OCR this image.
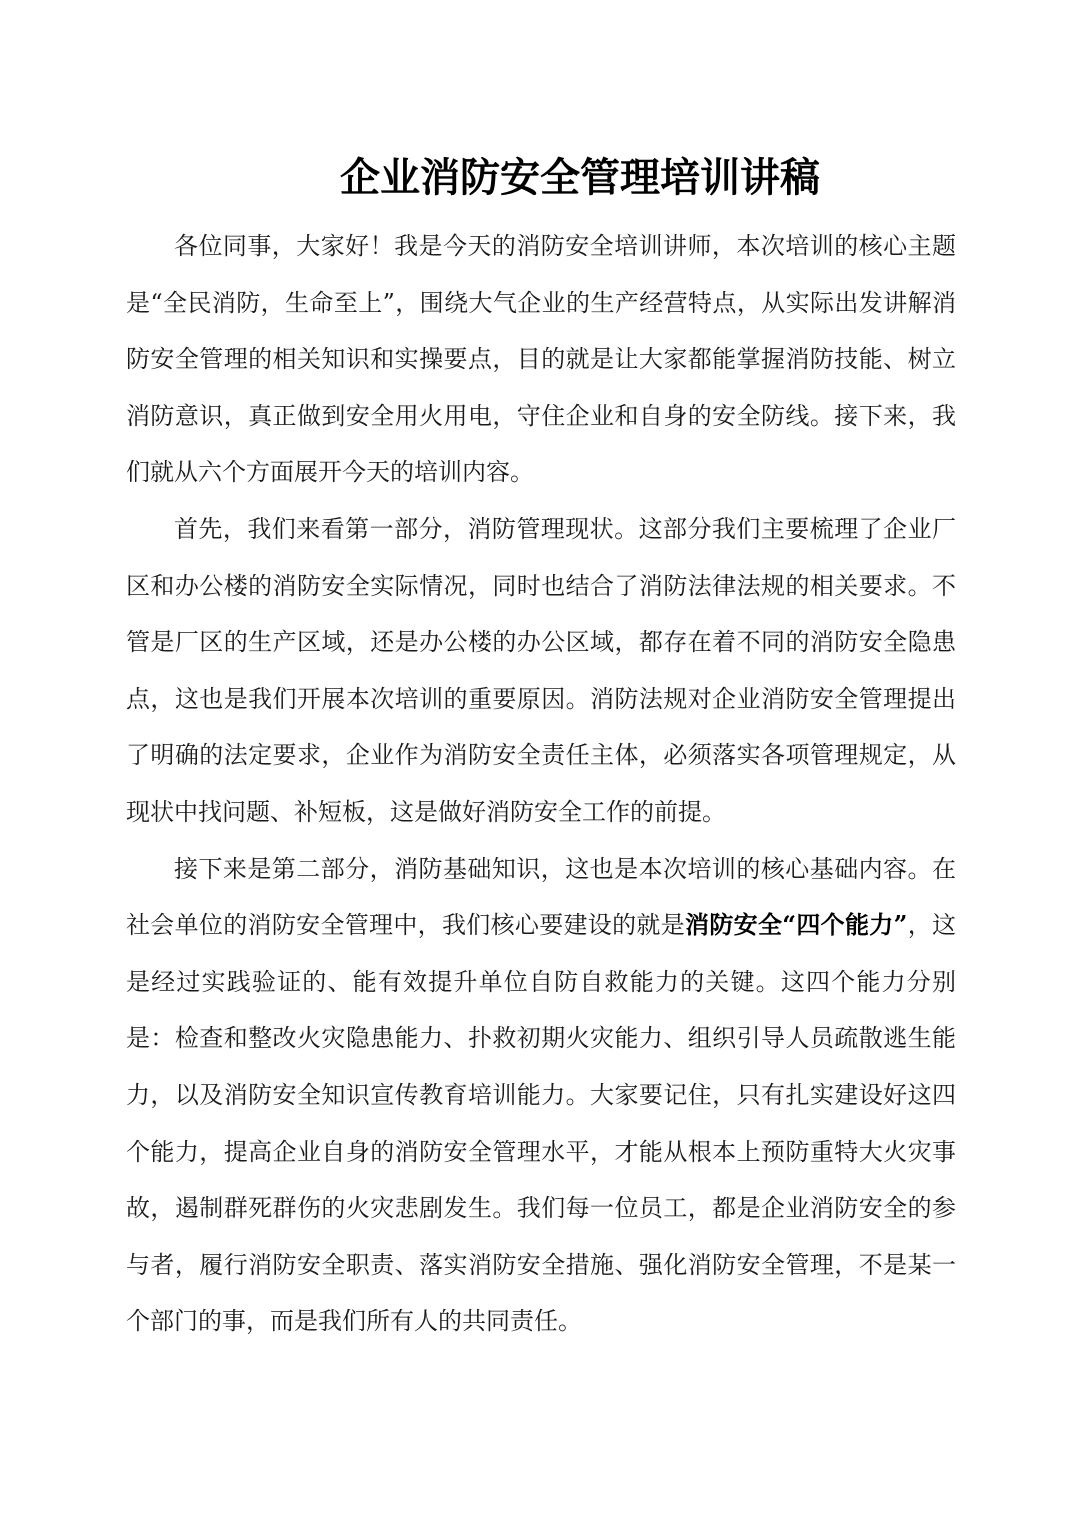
企业消防安全管理培训讲稿

各位同事，大家好！我是今天的消防安全培训讲师，本次培训的核心主题是“全民消防，生命至上”，围绕大气企业的生产经营特点，从实际出发讲解消防安全管理的相关知识和实操要点，目的就是让大家都能掌握消防技能、树立消防意识，真正做到安全用火用电，守住企业和自身的安全防线。接下来，我们就从六个方面展开今天的培训内容。

首先，我们来看第一部分，消防管理现状。这部分我们主要梳理了企业厂区和办公楼的消防安全实际情况，同时也结合了消防法律法规的相关要求。不管是厂区的生产区域，还是办公楼的办公区域，都存在着不同的消防安全隐患点，这也是我们开展本次培训的重要原因。消防法规对企业消防安全管理提出了明确的法定要求，企业作为消防安全责任主体，必须落实各项管理规定，从现状中找问题、补短板，这是做好消防安全工作的前提。

接下来是第二部分，消防基础知识，这也是本次培训的核心基础内容。在社会单位的消防安全管理中，我们核心要建设的就是消防安全“四个能力”，这是经过实践验证的、能有效提升单位自防自救能力的关键。这四个能力分别是：检查和整改火灾隐患能力、扑救初期火灾能力、组织引导人员疏散逃生能力，以及消防安全知识宣传教育培训能力。大家要记住，只有扎实建设好这四个能力，提高企业自身的消防安全管理水平，才能从根本上预防重特大火灾事故，遏制群死群伤的火灾悲剧发生。我们每一位员工，都是企业消防安全的参与者，履行消防安全职责、落实消防安全措施、强化消防安全管理，不是某一个部门的事，而是我们所有人的共同责任。
